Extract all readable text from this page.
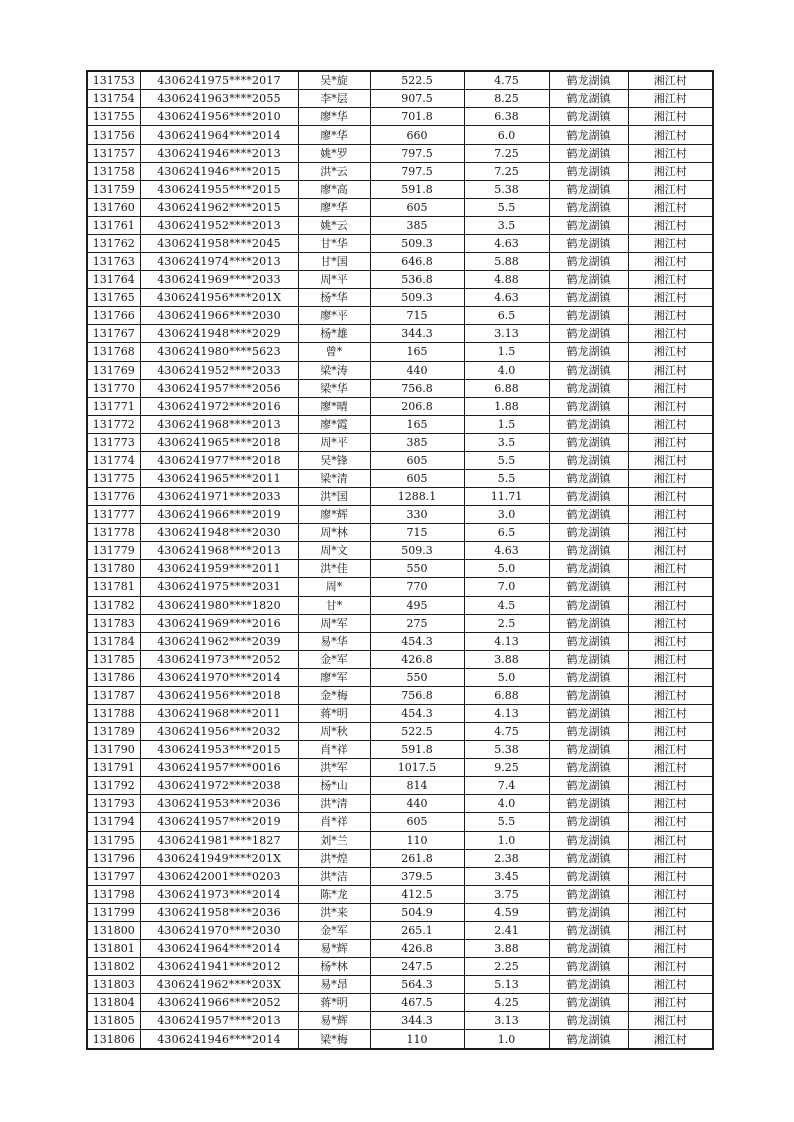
131753	4306241975****2017	吴*旋	522.5	4.75	鹤龙湖镇	湘江村
131754	4306241963****2055	李*层	907.5	8.25	鹤龙湖镇	湘江村
131755	4306241956****2010	廖*华	701.8	6.38	鹤龙湖镇	湘江村
131756	4306241964****2014	廖*华	660	6.0	鹤龙湖镇	湘江村
131757	4306241946****2013	姚*罗	797.5	7.25	鹤龙湖镇	湘江村
131758	4306241946****2015	洪*云	797.5	7.25	鹤龙湖镇	湘江村
131759	4306241955****2015	廖*高	591.8	5.38	鹤龙湖镇	湘江村
131760	4306241962****2015	廖*华	605	5.5	鹤龙湖镇	湘江村
131761	4306241952****2013	姚*云	385	3.5	鹤龙湖镇	湘江村
131762	4306241958****2045	甘*华	509.3	4.63	鹤龙湖镇	湘江村
131763	4306241974****2013	甘*国	646.8	5.88	鹤龙湖镇	湘江村
131764	4306241969****2033	周*平	536.8	4.88	鹤龙湖镇	湘江村
131765	4306241956****201X	杨*华	509.3	4.63	鹤龙湖镇	湘江村
131766	4306241966****2030	廖*平	715	6.5	鹤龙湖镇	湘江村
131767	4306241948****2029	杨*雄	344.3	3.13	鹤龙湖镇	湘江村
131768	4306241980****5623	曾*	165	1.5	鹤龙湖镇	湘江村
131769	4306241952****2033	梁*涛	440	4.0	鹤龙湖镇	湘江村
131770	4306241957****2056	梁*华	756.8	6.88	鹤龙湖镇	湘江村
131771	4306241972****2016	廖*晴	206.8	1.88	鹤龙湖镇	湘江村
131772	4306241968****2013	廖*霞	165	1.5	鹤龙湖镇	湘江村
131773	4306241965****2018	周*平	385	3.5	鹤龙湖镇	湘江村
131774	4306241977****2018	吴*锋	605	5.5	鹤龙湖镇	湘江村
131775	4306241965****2011	梁*清	605	5.5	鹤龙湖镇	湘江村
131776	4306241971****2033	洪*国	1288.1	11.71	鹤龙湖镇	湘江村
131777	4306241966****2019	廖*辉	330	3.0	鹤龙湖镇	湘江村
131778	4306241948****2030	周*林	715	6.5	鹤龙湖镇	湘江村
131779	4306241968****2013	周*文	509.3	4.63	鹤龙湖镇	湘江村
131780	4306241959****2011	洪*佳	550	5.0	鹤龙湖镇	湘江村
131781	4306241975****2031	周*	770	7.0	鹤龙湖镇	湘江村
131782	4306241980****1820	甘*	495	4.5	鹤龙湖镇	湘江村
131783	4306241969****2016	周*军	275	2.5	鹤龙湖镇	湘江村
131784	4306241962****2039	易*华	454.3	4.13	鹤龙湖镇	湘江村
131785	4306241973****2052	金*军	426.8	3.88	鹤龙湖镇	湘江村
131786	4306241970****2014	廖*军	550	5.0	鹤龙湖镇	湘江村
131787	4306241956****2018	金*梅	756.8	6.88	鹤龙湖镇	湘江村
131788	4306241968****2011	蒋*明	454.3	4.13	鹤龙湖镇	湘江村
131789	4306241956****2032	周*秋	522.5	4.75	鹤龙湖镇	湘江村
131790	4306241953****2015	肖*祥	591.8	5.38	鹤龙湖镇	湘江村
131791	4306241957****0016	洪*军	1017.5	9.25	鹤龙湖镇	湘江村
131792	4306241972****2038	杨*山	814	7.4	鹤龙湖镇	湘江村
131793	4306241953****2036	洪*清	440	4.0	鹤龙湖镇	湘江村
131794	4306241957****2019	肖*祥	605	5.5	鹤龙湖镇	湘江村
131795	4306241981****1827	刘*兰	110	1.0	鹤龙湖镇	湘江村
131796	4306241949****201X	洪*煌	261.8	2.38	鹤龙湖镇	湘江村
131797	4306242001****0203	洪*洁	379.5	3.45	鹤龙湖镇	湘江村
131798	4306241973****2014	陈*龙	412.5	3.75	鹤龙湖镇	湘江村
131799	4306241958****2036	洪*来	504.9	4.59	鹤龙湖镇	湘江村
131800	4306241970****2030	金*军	265.1	2.41	鹤龙湖镇	湘江村
131801	4306241964****2014	易*辉	426.8	3.88	鹤龙湖镇	湘江村
131802	4306241941****2012	杨*林	247.5	2.25	鹤龙湖镇	湘江村
131803	4306241962****203X	易*昂	564.3	5.13	鹤龙湖镇	湘江村
131804	4306241966****2052	蒋*明	467.5	4.25	鹤龙湖镇	湘江村
131805	4306241957****2013	易*辉	344.3	3.13	鹤龙湖镇	湘江村
131806	4306241946****2014	梁*梅	110	1.0	鹤龙湖镇	湘江村
